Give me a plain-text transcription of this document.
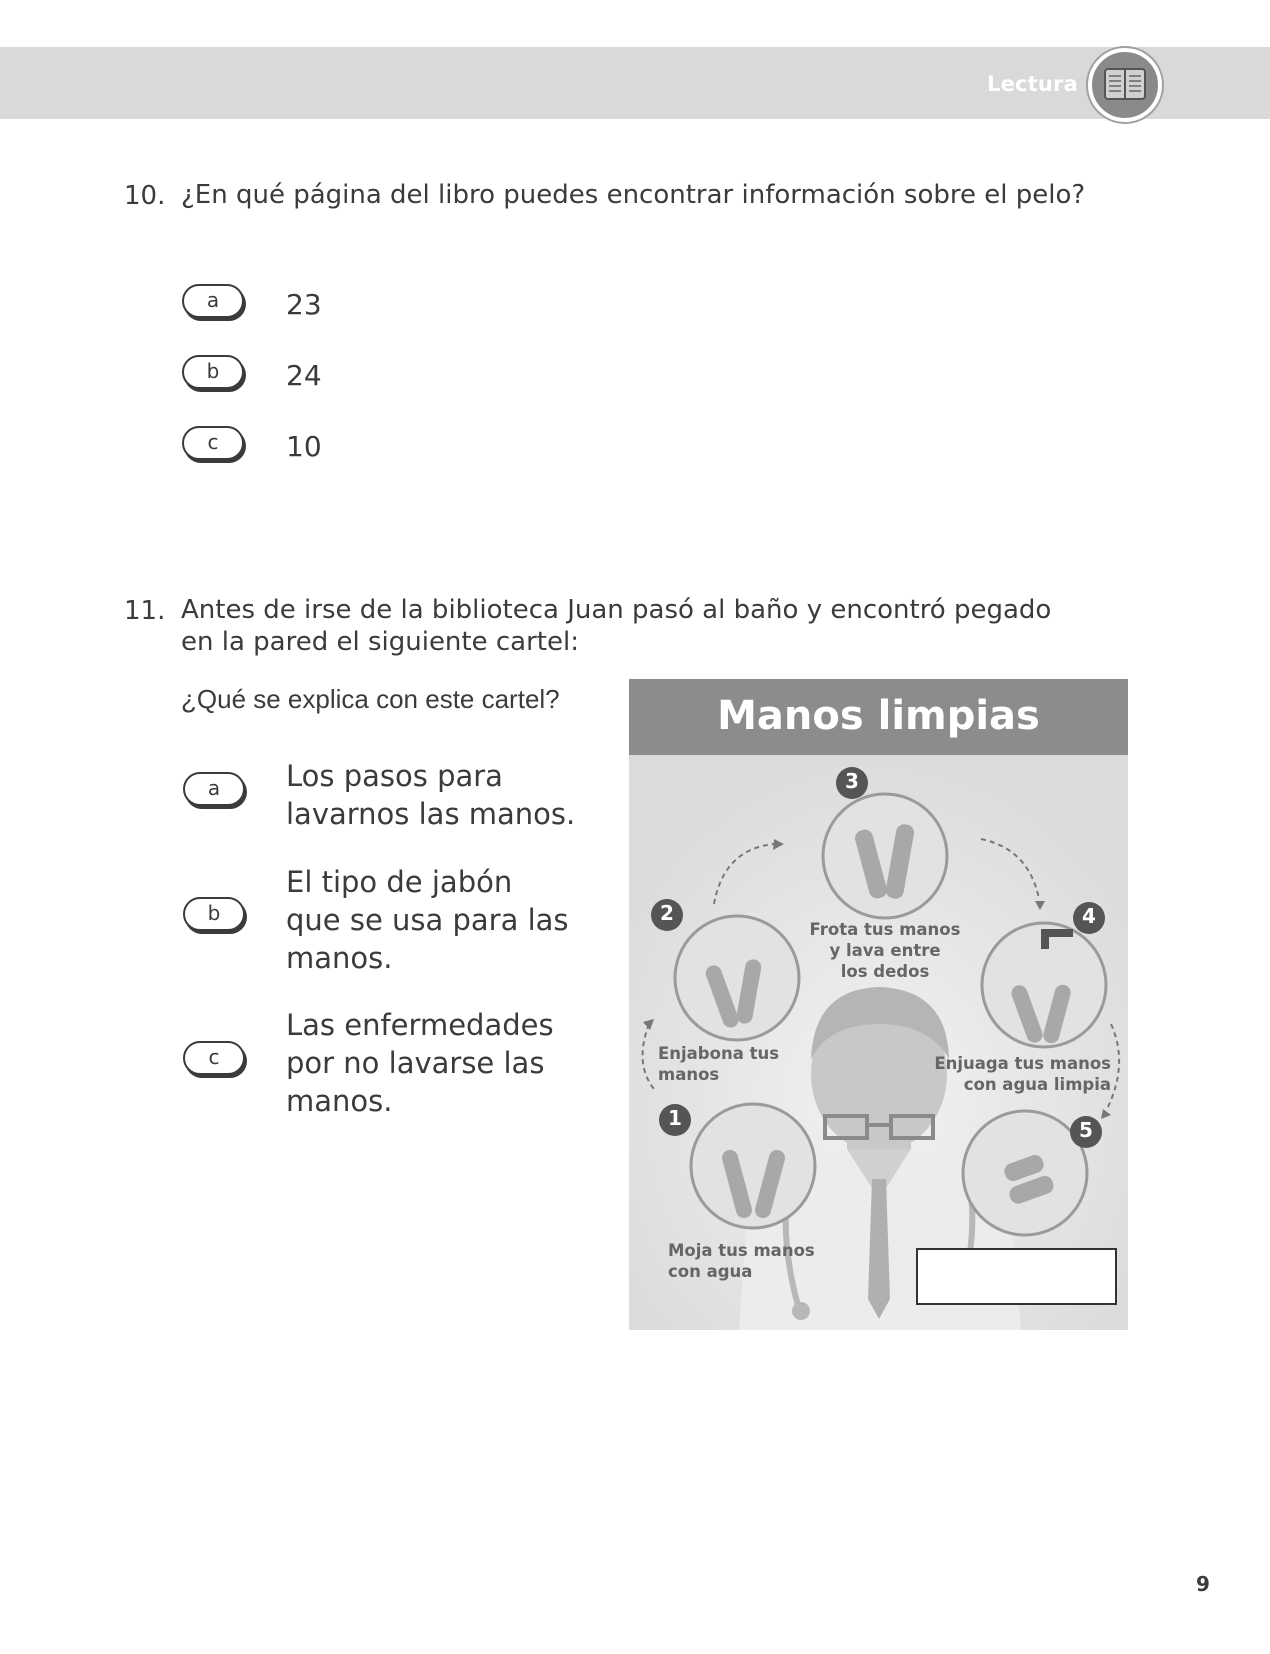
Lectura
10. ¿En qué página del libro puedes encontrar información sobre el pelo?
a	23
b	24
c	10
11. Antes de irse de la biblioteca Juan pasó al baño y encontró pegado
en la pared el siguiente cartel:
¿Qué se explica con este cartel?
a	Los pasos para
lavarnos las manos.
b
El tipo de jabón
que se usa para las
manos.
c
Las enfermedades
por no lavarse las
manos.
Manos limpias
3
2	4
1	5
Frota tus manos
y lava entre
los dedos
Enjabona tus
manos
Enjuaga tus manos
con agua limpia
Moja tus manos
con agua
9
